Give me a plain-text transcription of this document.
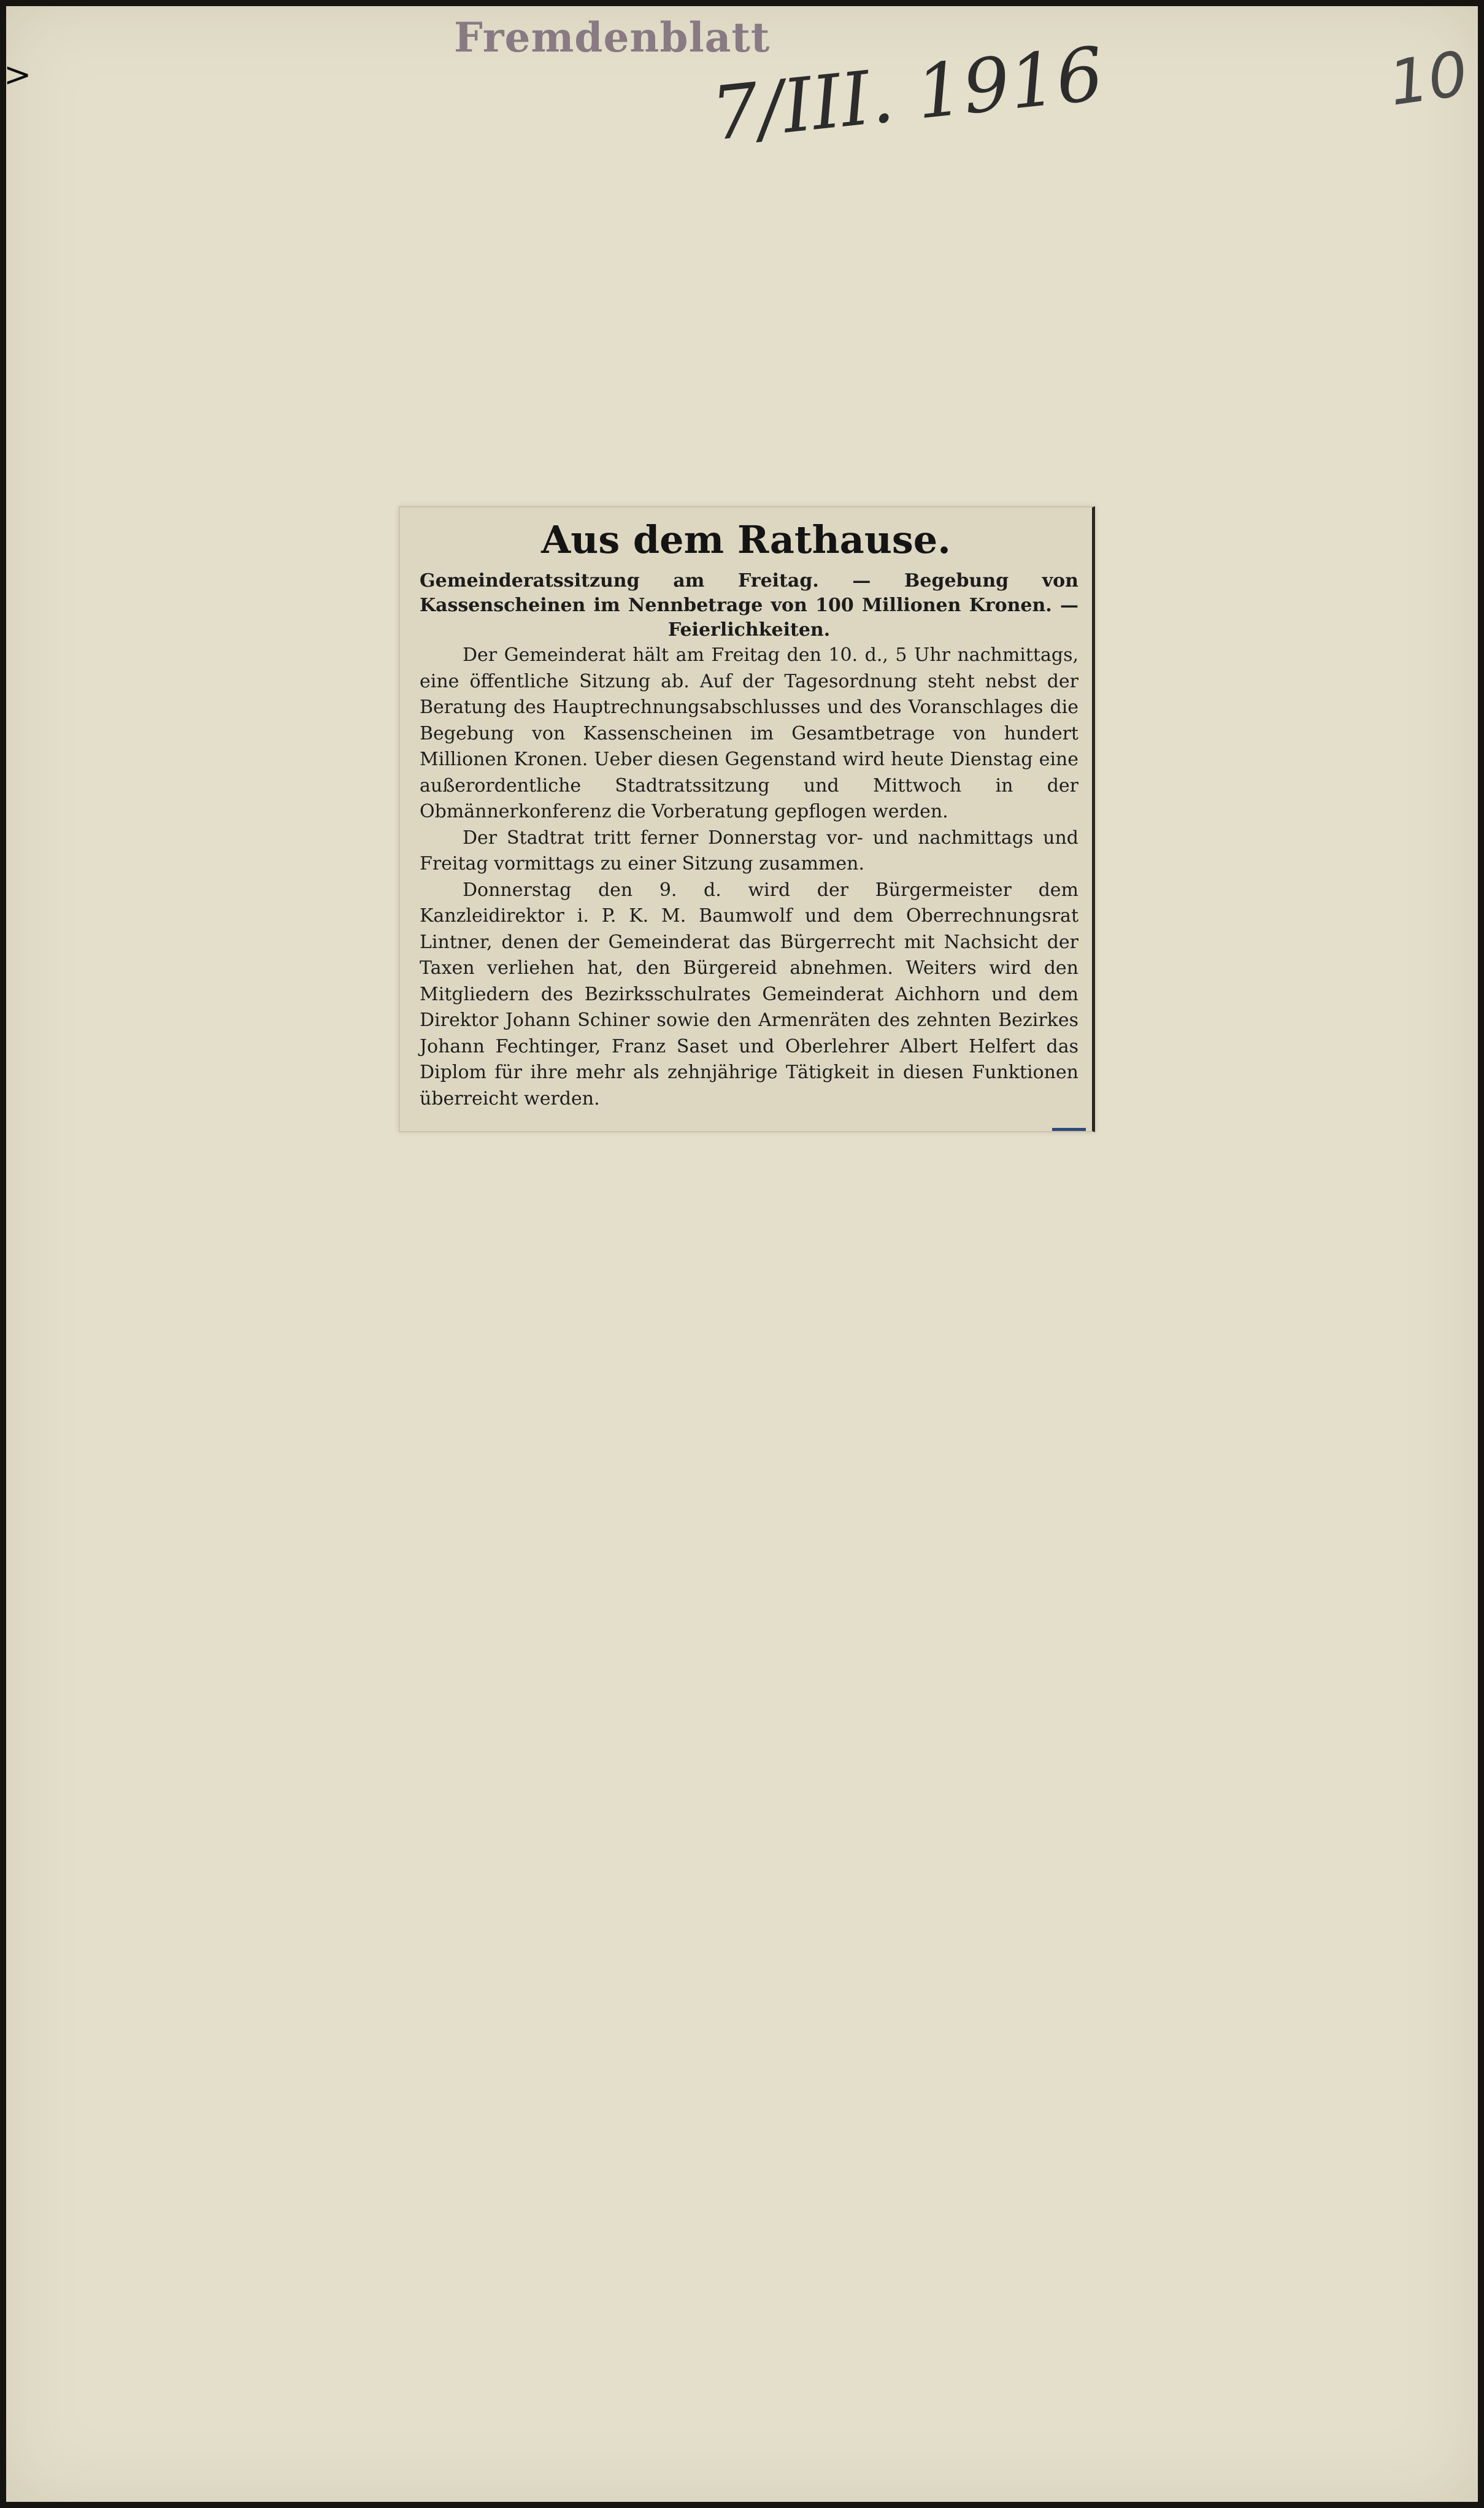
>
Fremdenblatt
7/III. 1916	10
Aus dem Rathause.
Gemeinderatssitzung am Freitag. — Begebung von Kassenscheinen im Nennbetrage von 100 Millionen Kronen. — Feierlichkeiten.

Der Gemeinderat hält am Freitag den 10. d., 5 Uhr nachmittags, eine öffentliche Sitzung ab. Auf der Tagesordnung steht nebst der Beratung des Hauptrechnungsabschlusses und des Voranschlages die Begebung von Kassenscheinen im Gesamtbetrage von hundert Millionen Kronen. Ueber diesen Gegenstand wird heute Dienstag eine außerordentliche Stadtratssitzung und Mittwoch in der Obmännerkonferenz die Vorberatung gepflogen werden.

Der Stadtrat tritt ferner Donnerstag vor- und nachmittags und Freitag vormittags zu einer Sitzung zusammen.

Donnerstag den 9. d. wird der Bürgermeister dem Kanzleidirektor i. P. K. M. Baumwolf und dem Oberrechnungsrat Lintner, denen der Gemeinderat das Bürgerrecht mit Nachsicht der Taxen verliehen hat, den Bürgereid abnehmen. Weiters wird den Mitgliedern des Bezirksschulrates Gemeinderat Aichhorn und dem Direktor Johann Schiner sowie den Armenräten des zehnten Bezirkes Johann Fechtinger, Franz Saset und Oberlehrer Albert Helfert das Diplom für ihre mehr als zehnjährige Tätigkeit in diesen Funktionen überreicht werden.
